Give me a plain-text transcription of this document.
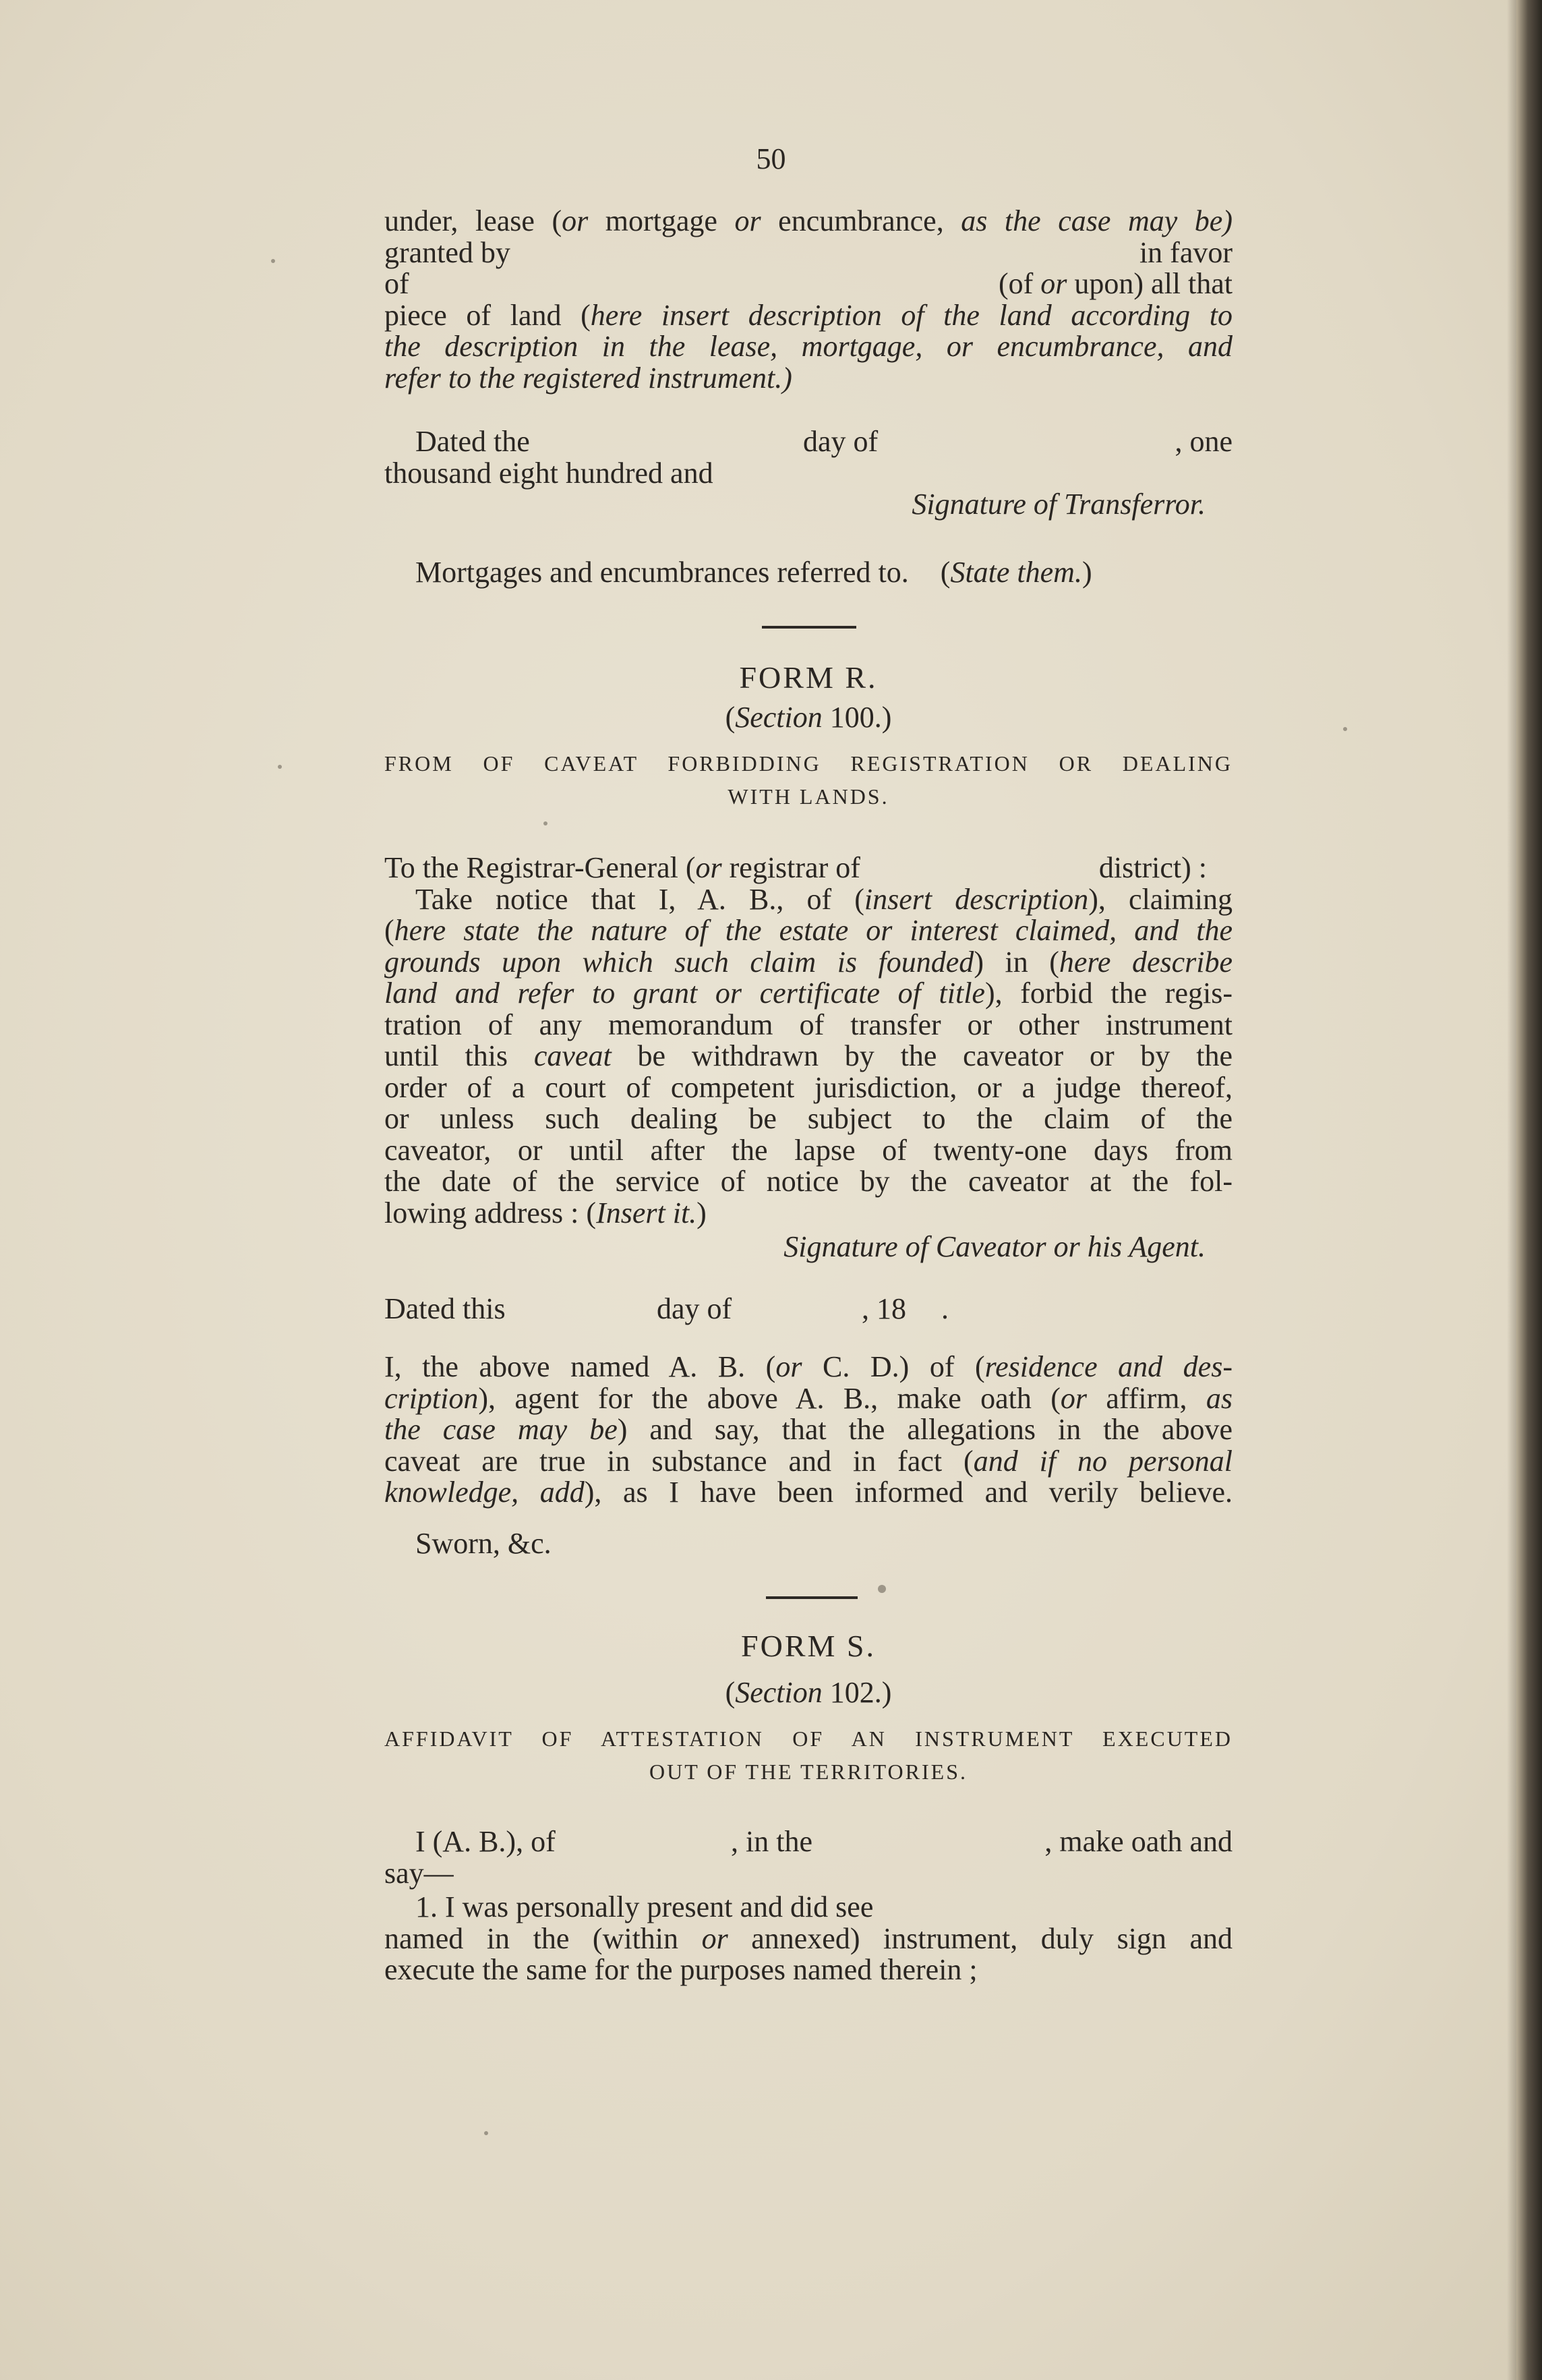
50
under, lease (or mortgage or encumbrance, as the case may be)
granted by	in favor
of	(of or upon) all that
piece of land (here insert description of the land according to
the description in the lease, mortgage, or encumbrance, and
refer to the registered instrument.)
Dated the	day of	, one
thousand eight hundred and
Signature of Transferror.
Mortgages and encumbrances referred to. (State them.)
FORM R.
(Section 100.)
FROM OF CAVEAT FORBIDDING REGISTRATION OR DEALING
WITH LANDS.
To the Registrar-General (or registrar of	district) :
Take notice that I, A. B., of (insert description), claiming
(here state the nature of the estate or interest claimed, and the
grounds upon which such claim is founded) in (here describe
land and refer to grant or certificate of title), forbid the regis-
tration of any memorandum of transfer or other instrument
until this caveat be withdrawn by the caveator or by the
order of a court of competent jurisdiction, or a judge thereof,
or unless such dealing be subject to the claim of the
caveator, or until after the lapse of twenty-one days from
the date of the service of notice by the caveator at the fol-
lowing address : (Insert it.)
Signature of Caveator or his Agent.
Dated this	day of	, 18 .
I, the above named A. B. (or C. D.) of (residence and des-
cription), agent for the above A. B., make oath (or affirm, as
the case may be) and say, that the allegations in the above
caveat are true in substance and in fact (and if no personal
knowledge, add), as I have been informed and verily believe.
Sworn, &c.
FORM S.
(Section 102.)
AFFIDAVIT OF ATTESTATION OF AN INSTRUMENT EXECUTED
OUT OF THE TERRITORIES.
I (A. B.), of	, in the	, make oath and
say—
1. I was personally present and did see
named in the (within or annexed) instrument, duly sign and
execute the same for the purposes named therein ;
